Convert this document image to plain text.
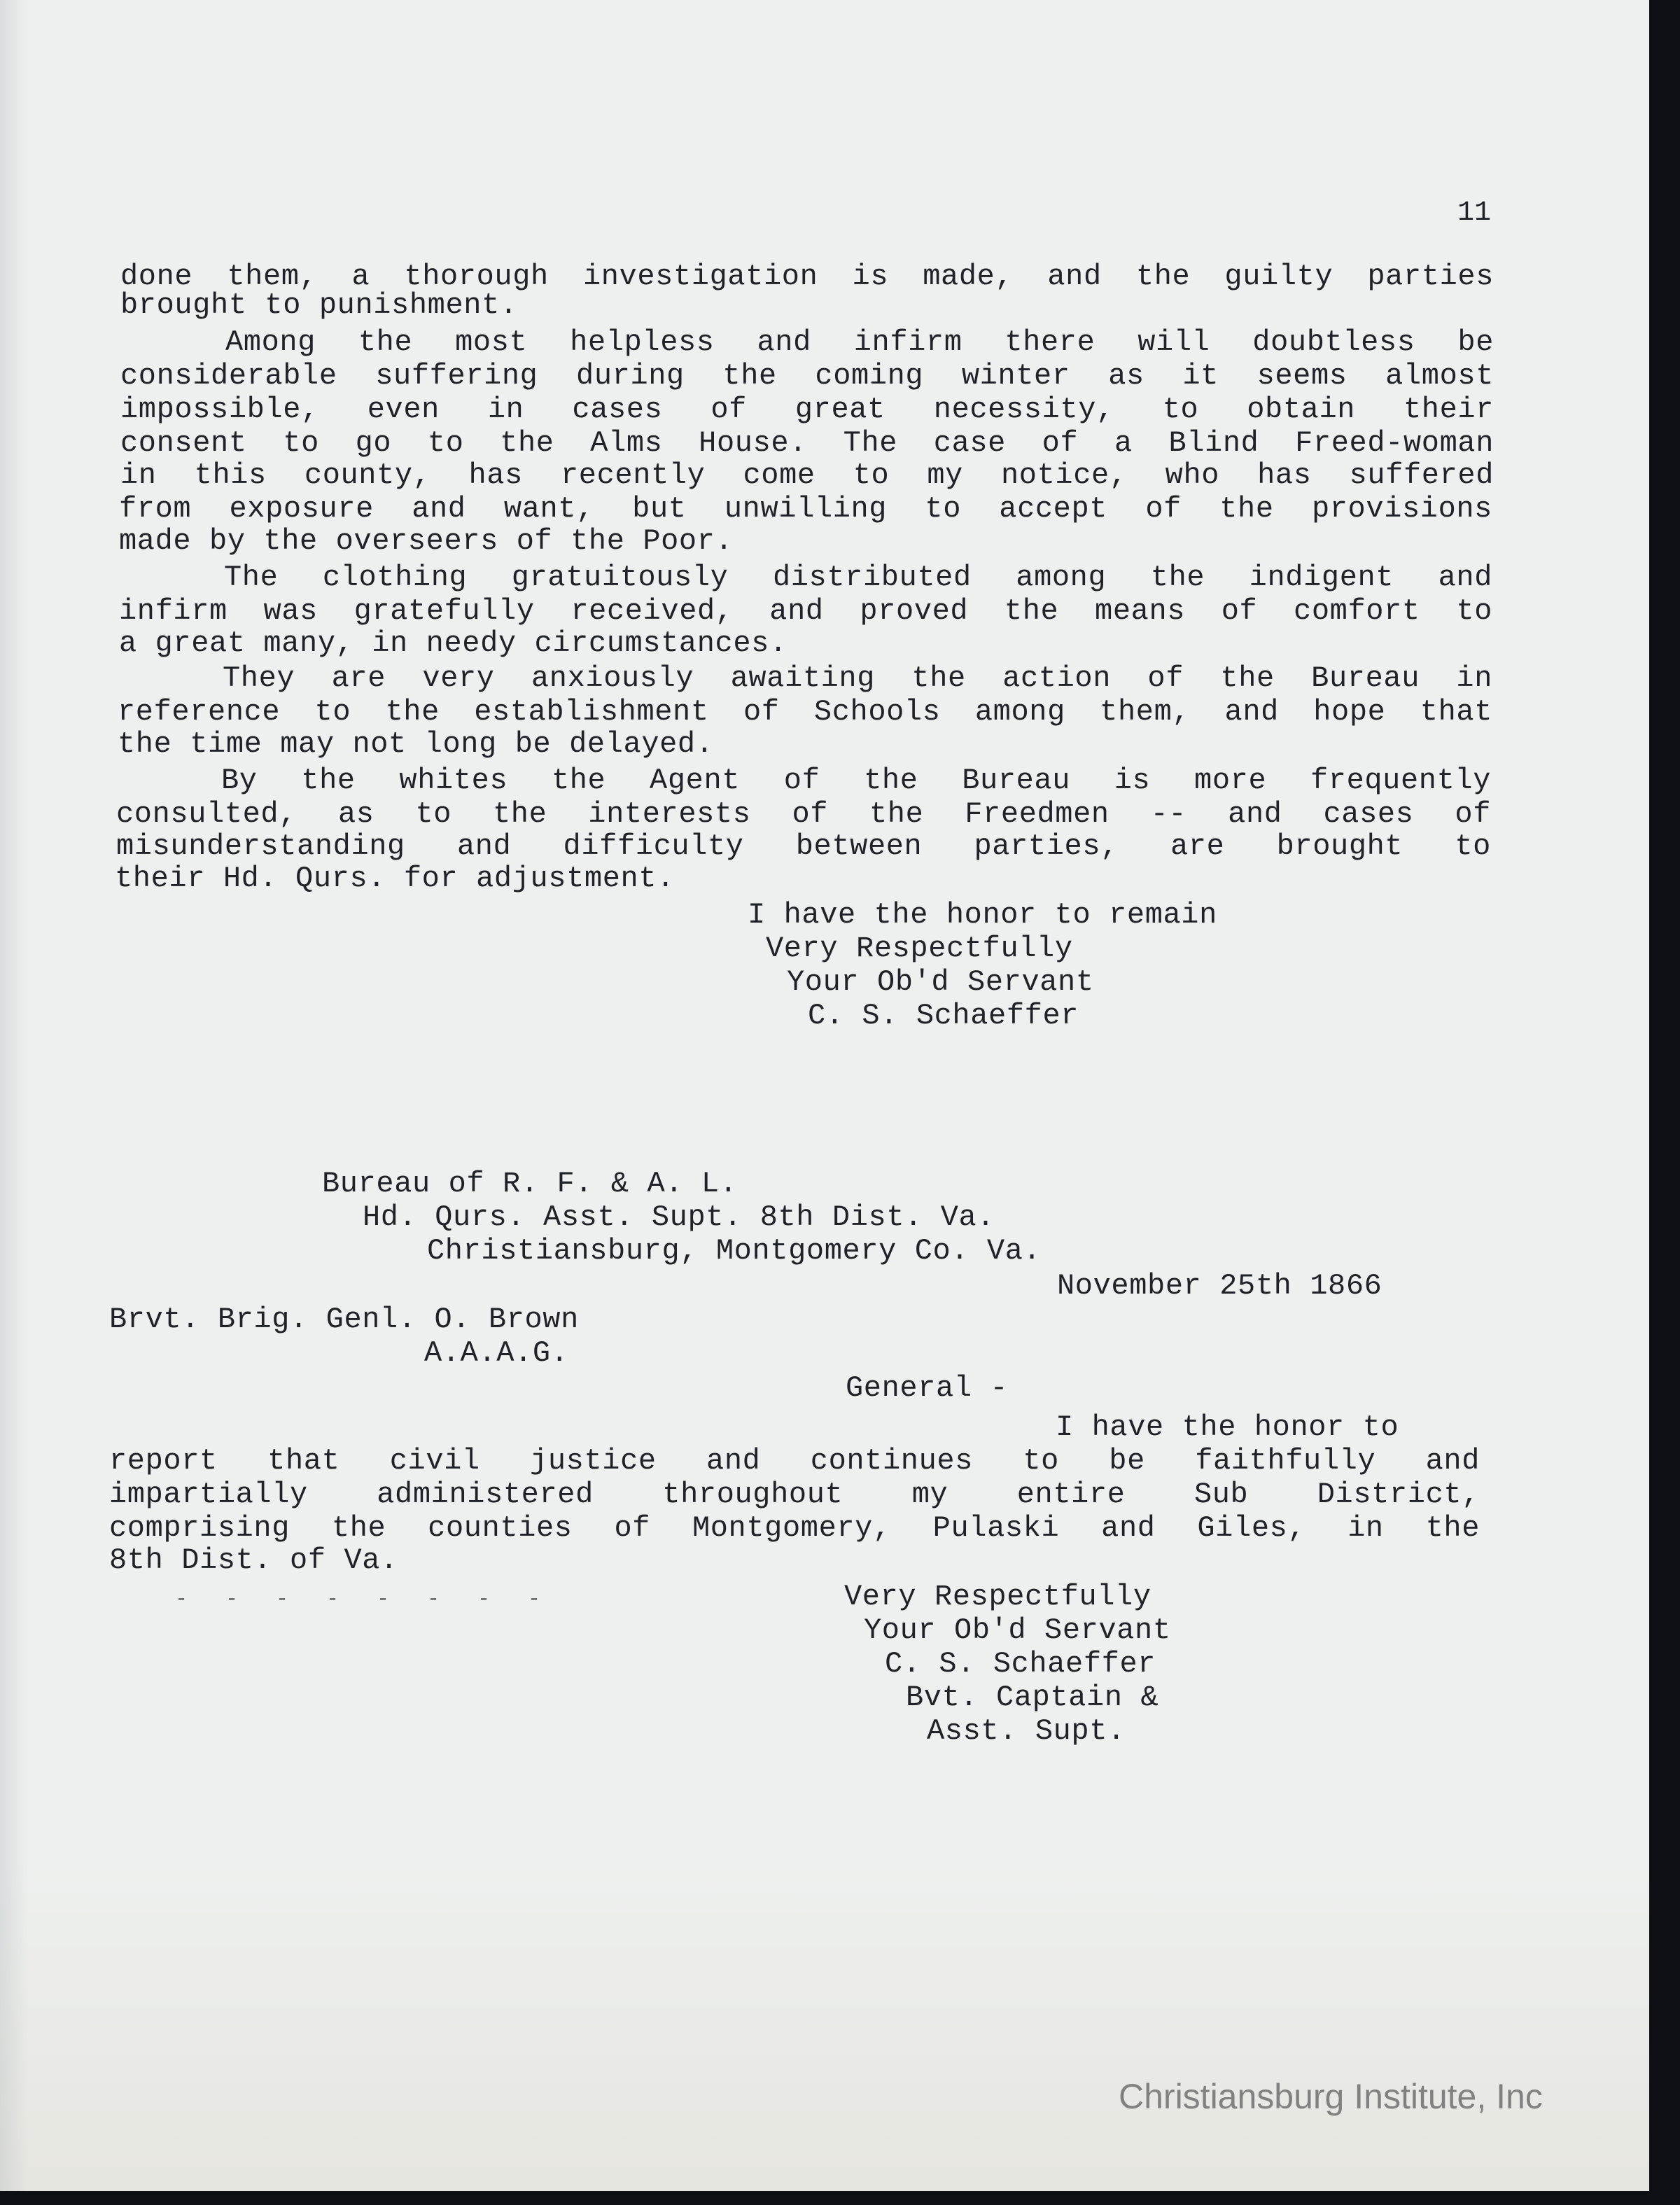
11
done them, a thorough investigation is made, and the guilty parties
brought to punishment.
Among the most helpless and infirm there will doubtless be
considerable suffering during the coming winter as it seems almost
impossible, even in cases of great necessity, to obtain their
consent to go to the Alms House. The case of a Blind Freed-woman
in this county, has recently come to my notice, who has suffered
from exposure and want, but unwilling to accept of the provisions
made by the overseers of the Poor.
The clothing gratuitously distributed among the indigent and
infirm was gratefully received, and proved the means of comfort to
a great many, in needy circumstances.
They are very anxiously awaiting the action of the Bureau in
reference to the establishment of Schools among them, and hope that
the time may not long be delayed.
By the whites the Agent of the Bureau is more frequently
consulted, as to the interests of the Freedmen -- and cases of
misunderstanding and difficulty between parties, are brought to
their Hd. Qurs. for adjustment.
I have the honor to remain
Very Respectfully
Your Ob'd Servant
C. S. Schaeffer
Bureau of R. F. & A. L.
Hd. Qurs. Asst. Supt. 8th Dist. Va.
Christiansburg, Montgomery Co. Va.
November 25th 1866
Brvt. Brig. Genl. O. Brown
A.A.A.G.
General -
I have the honor to
report that civil justice and continues to be faithfully and
impartially administered throughout my entire Sub District,
comprising the counties of Montgomery, Pulaski and Giles, in the
8th Dist. of Va.
- - - - - - - -	Very Respectfully
Your Ob'd Servant
C. S. Schaeffer
Bvt. Captain &
Asst. Supt.
Christiansburg Institute, Inc
